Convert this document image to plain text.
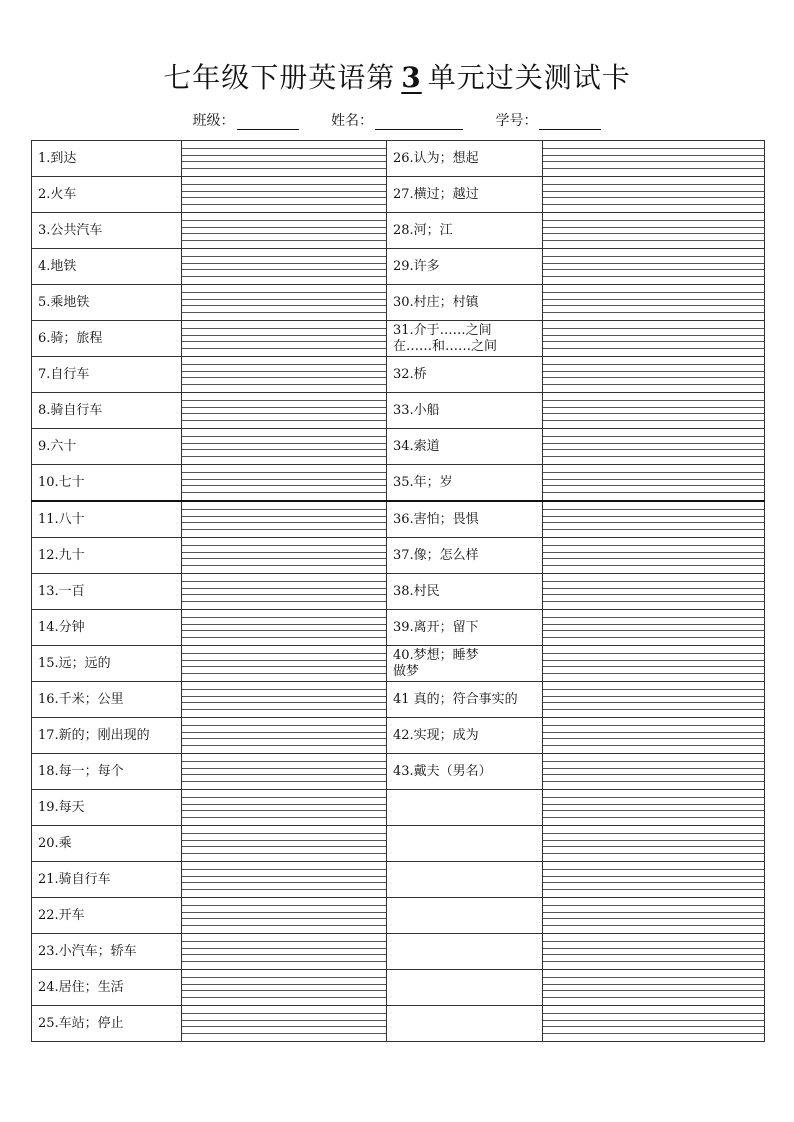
七年级下册英语第 3 单元过关测试卡
班级：	姓名：	学号：
1.到达		26.认为；想起	

2.火车		27.横过；越过	

3.公共汽车		28.河；江	

4.地铁		29.许多	

5.乘地铁		30.村庄；村镇	

6.骑；旅程		31.介于……之间
在……和……之间	

7.自行车		32.桥	

8.骑自行车		33.小船	

9.六十		34.索道	

10.七十		35.年；岁	

11.八十		36.害怕；畏惧	

12.九十		37.像；怎么样	

13.一百		38.村民	

14.分钟		39.离开；留下	

15.远；远的		40.梦想；睡梦
做梦	

16.千米；公里		41 真的；符合事实的	

17.新的；刚出现的		42.实现；成为	

18.每一；每个		43.戴夫（男名）	

19.每天			

20.乘			

21.骑自行车			

22.开车			

23.小汽车；轿车			

24.居住；生活			

25.车站；停止			
